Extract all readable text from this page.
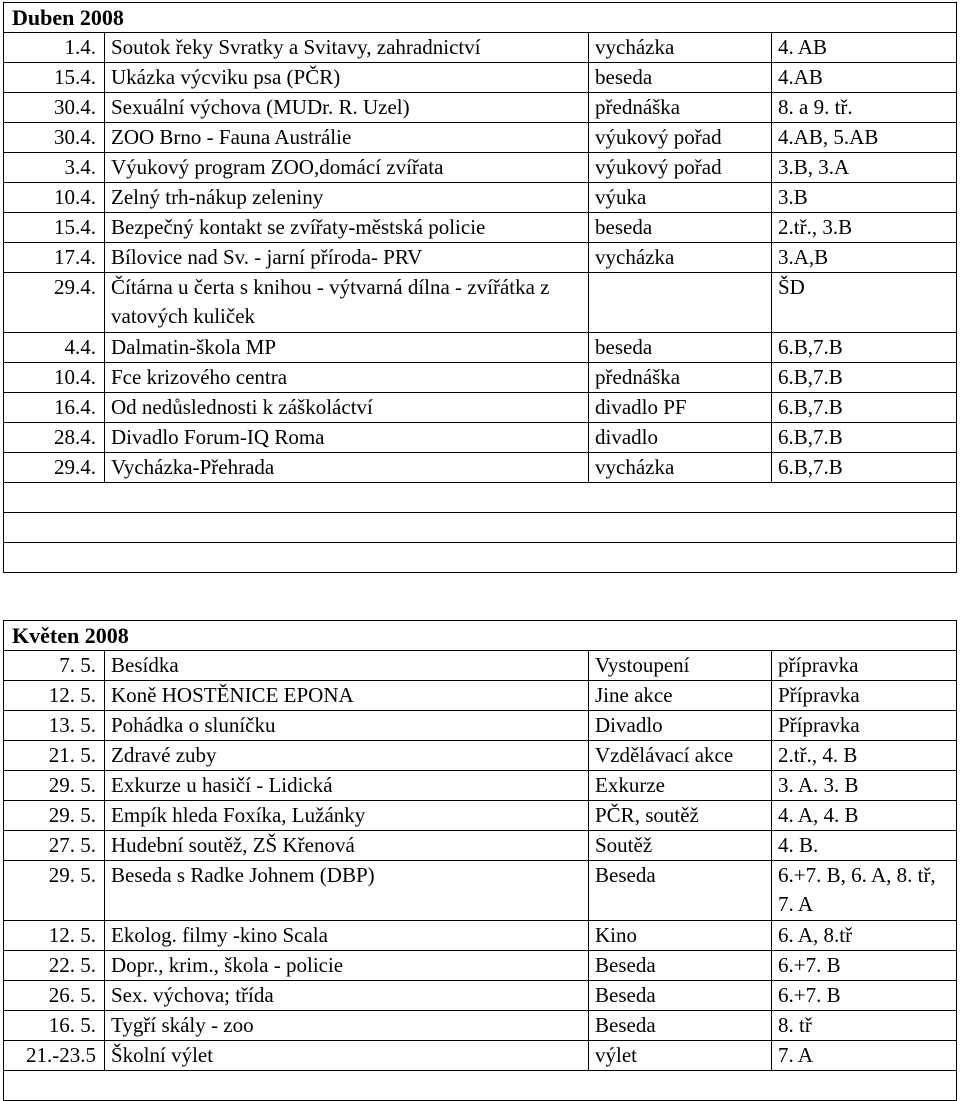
Duben 2008			
1.4.	Soutok řeky Svratky a Svitavy, zahradnictví	vycházka	4. AB
15.4.	Ukázka výcviku psa (PČR)	beseda	4.AB
30.4.	Sexuální výchova (MUDr. R. Uzel)	přednáška	8. a 9. tř.
30.4.	ZOO Brno - Fauna Austrálie	výukový pořad	4.AB, 5.AB
3.4.	Výukový program ZOO,domácí zvířata	výukový pořad	3.B, 3.A
10.4.	Zelný trh-nákup zeleniny	výuka	3.B
15.4.	Bezpečný kontakt se zvířaty-městská policie	beseda	2.tř., 3.B
17.4.	Bílovice nad Sv. - jarní příroda- PRV	vycházka	3.A,B
29.4.	Čítárna u čerta s knihou - výtvarná dílna - zvířátka z vatových kuliček		ŠD
4.4.	Dalmatin-škola MP	beseda	6.B,7.B
10.4.	Fce krizového centra	přednáška	6.B,7.B
16.4.	Od nedůslednosti k záškoláctví	divadlo PF	6.B,7.B
28.4.	Divadlo Forum-IQ Roma	divadlo	6.B,7.B
29.4.	Vycházka-Přehrada	vycházka	6.B,7.B

Květen 2008			
7. 5.	Besídka	Vystoupení	přípravka
12. 5.	Koně HOSTĚNICE EPONA	Jine akce	Přípravka
13. 5.	Pohádka o sluníčku	Divadlo	Přípravka
21. 5.	Zdravé zuby	Vzdělávací akce	2.tř., 4. B
29. 5.	Exkurze u hasičí - Lidická	Exkurze	3. A. 3. B
29. 5.	Empík hleda Foxíka, Lužánky	PČR, soutěž	4. A, 4. B
27. 5.	Hudební soutěž, ZŠ Křenová	Soutěž	4. B.
29. 5.	Beseda s Radke Johnem (DBP)	Beseda	6.+7. B, 6. A, 8. tř, 7. A
12. 5.	Ekolog. filmy -kino Scala	Kino	6. A, 8.tř
22. 5.	Dopr., krim., škola - policie	Beseda	6.+7. B
26. 5.	Sex. výchova; třída	Beseda	6.+7. B
16. 5.	Tygří skály - zoo	Beseda	8. tř
21.-23.5	Školní výlet	výlet	7. A
